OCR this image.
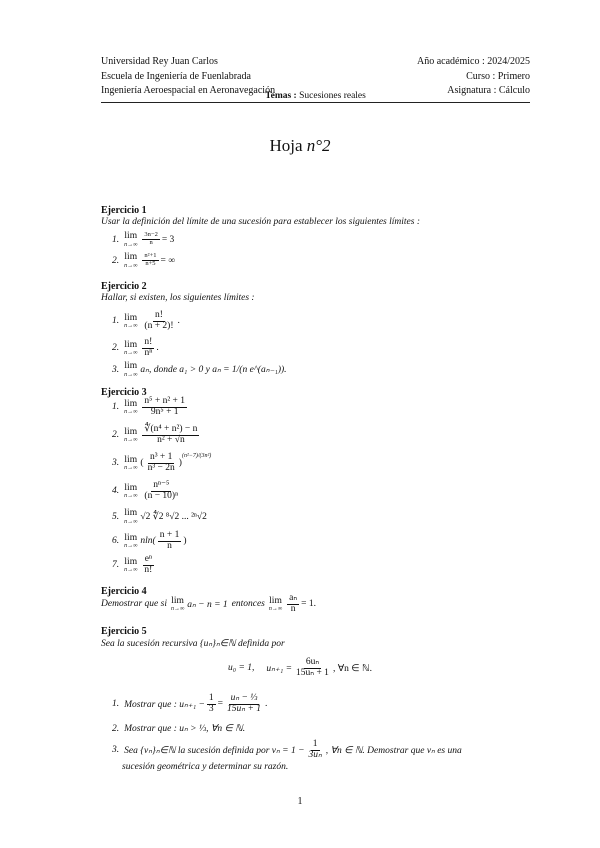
Universidad Rey Juan Carlos
Escuela de Ingeniería de Fuenlabrada
Ingeniería Aeroespacial en Aeronavegación
Año académico : 2024/2025
Curso : Primero
Asignatura : Cálculo
Temas : Sucesiones reales
Hoja n°2
Ejercicio 1
Usar la definición del límite de una sucesión para establecer los siguientes límites :
1. lim
$n\to\infty \frac{3n-2}{n} = 3$
2. lim
$n\to\infty \frac{\text{n²+1}}{n+5}$ = ∞
Ejercicio 2
Hallar, si existen, los siguientes límites :
1. lim
$n\to\infty \frac{n!}{(n + 2)!}$ .
2. lim
$n\to\infty \frac{n!}{\text{nⁿ}}$ .
3. lim
n→∞ aₙ, donde a₁ > 0 y aₙ = 1/(n e^(aₙ₋₁)).
Ejercicio 3
1. lim
$n\to\infty \frac{\text{n⁵ + n² + 1}}{\text{9n⁵ + 1}}$
2. lim
$n\to\infty \frac{\text{∜(n⁴ + n²) − n}}{\text{n² + √n}}$
3. lim
n→∞ ( $\frac{\text{n³ + 1}}{\text{n³ − 2n}}$ )
$^{(n^2-7)/(3n^2)}$
4. lim
$n\to\infty \frac{\text{nⁿ⁻⁵}}{\text{(n − 10)ⁿ}}$
5. lim
n→∞ √2 ∜2 ⁸√2 ... ²ⁿ√2
6. lim
n→∞ $nln( \frac{n + 1}{n}$ )
7. lim
$n\to\infty \frac{\text{eⁿ}}{n!}$
Ejercicio 4
Demostrar que si lim
n→∞ aₙ − n = 1 entonces lim
$n\to\infty \frac{\text{aₙ}}{n} = 1$.
Ejercicio 5
Sea la sucesión recursiva {uₙ}ₙ∈ℕ definida por
u₀ = 1, $u_{n+1} = \frac{\text{6uₙ}}{\text{15uₙ + 1}}$ , ∀n ∈ ℕ.
1. Mostrar que : $u_{n+1} - \frac{1}{3} = \frac{\text{uₙ − ⅓}}{\text{15uₙ + 1}}$ .
2. Mostrar que : uₙ > ⅓, ∀n ∈ ℕ.
3. Sea {vₙ}ₙ∈ℕ la sucesión definida por $v_n = 1 - \frac{1}{\text{3uₙ}}$ , ∀n ∈ ℕ. Demostrar que vₙ es una
sucesión geométrica y determinar su razón.
1
